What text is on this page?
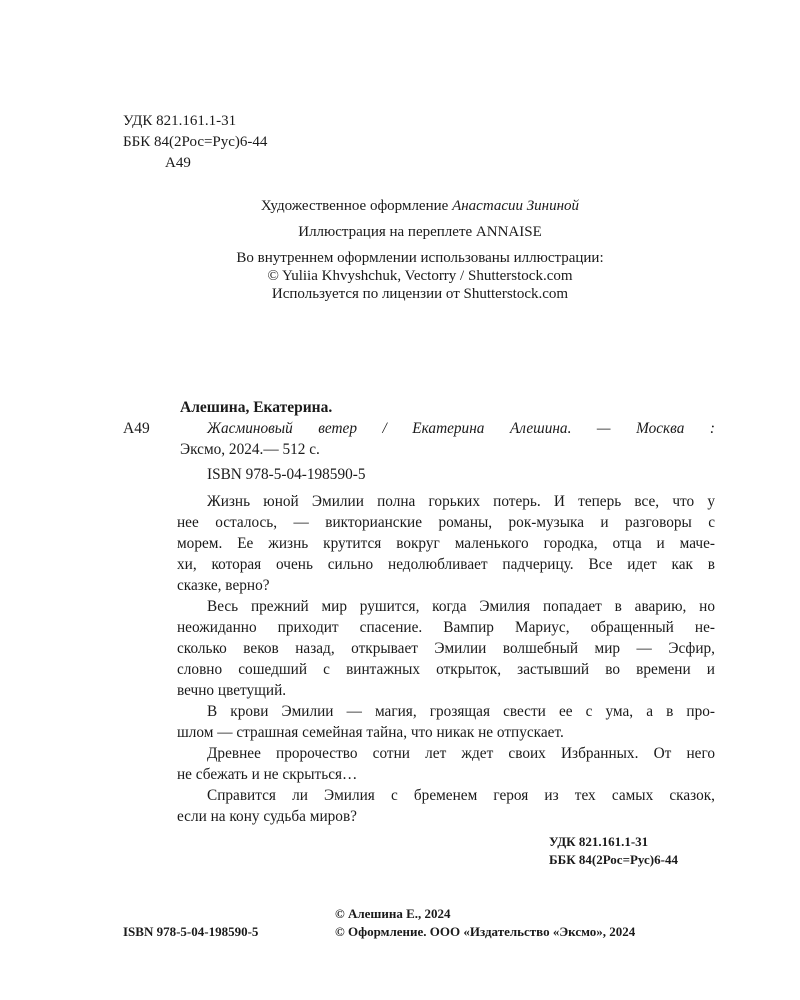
УДК 821.161.1-31
ББК 84(2Рос=Рус)6-44
А49
Художественное оформление Анастасии Зининой
Иллюстрация на переплете ANNAISE
Во внутреннем оформлении использованы иллюстрации:
© Yuliia Khvyshchuk, Vectorry / Shutterstock.com
Используется по лицензии от Shutterstock.com
Алешина, Екатерина.
А49	Жасминовый ветер / Екатерина Алешина. — Москва :
Эксмо, 2024.— 512 с.
ISBN 978-5-04-198590-5
Жизнь юной Эмилии полна горьких потерь. И теперь все, что у
нее осталось, — викторианские романы, рок-музыка и разговоры с
морем. Ее жизнь крутится вокруг маленького городка, отца и маче-
хи, которая очень сильно недолюбливает падчерицу. Все идет как в
сказке, верно?
Весь прежний мир рушится, когда Эмилия попадает в аварию, но
неожиданно приходит спасение. Вампир Мариус, обращенный не-
сколько веков назад, открывает Эмилии волшебный мир — Эсфир,
словно сошедший с винтажных открыток, застывший во времени и
вечно цветущий.
В крови Эмилии — магия, грозящая свести ее с ума, а в про-
шлом — страшная семейная тайна, что никак не отпускает.
Древнее пророчество сотни лет ждет своих Избранных. От него
не сбежать и не скрыться…
Справится ли Эмилия с бременем героя из тех самых сказок,
если на кону судьба миров?
УДК 821.161.1-31
ББК 84(2Рос=Рус)6-44
© Алешина Е., 2024
ISBN 978-5-04-198590-5	© Оформление. ООО «Издательство «Эксмо», 2024
